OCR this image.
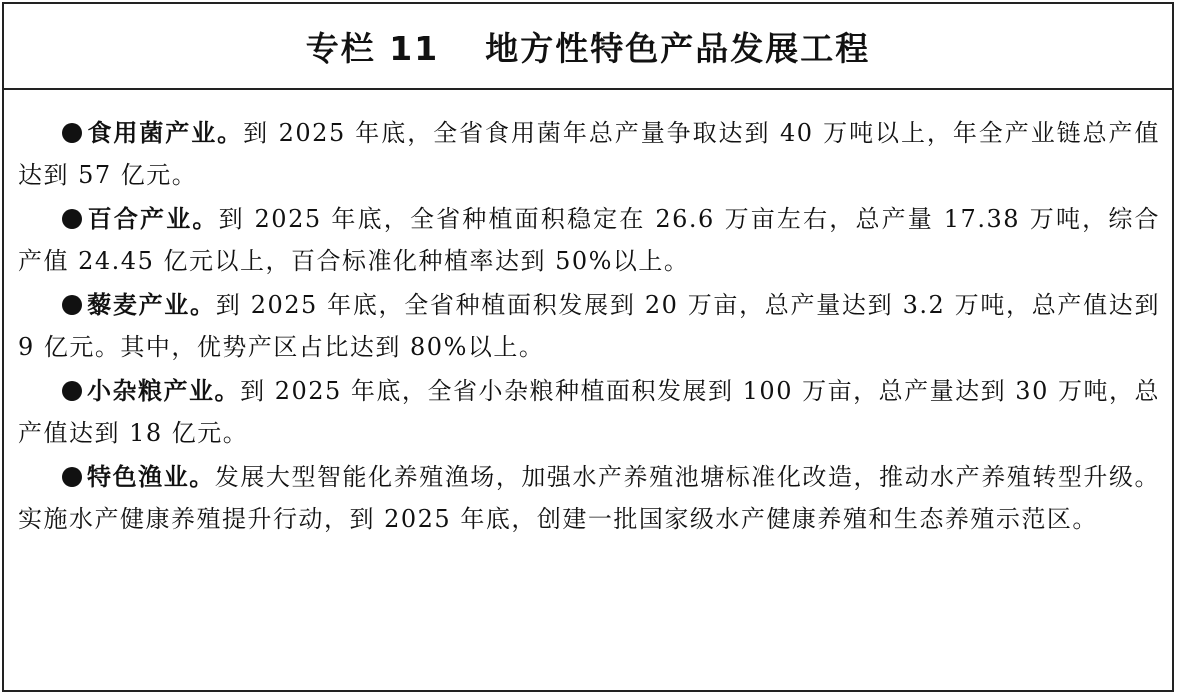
专栏 11 地方性特色产品发展工程

食用菌产业。到 2025 年底，全省食用菌年总产量争取达到 40 万吨以上，年全产业链总产值达到 57 亿元。

百合产业。到 2025 年底，全省种植面积稳定在 26.6 万亩左右，总产量 17.38 万吨，综合产值 24.45 亿元以上，百合标准化种植率达到 50%以上。

藜麦产业。到 2025 年底，全省种植面积发展到 20 万亩，总产量达到 3.2 万吨，总产值达到 9 亿元。其中，优势产区占比达到 80%以上。

小杂粮产业。到 2025 年底，全省小杂粮种植面积发展到 100 万亩，总产量达到 30 万吨，总产值达到 18 亿元。

特色渔业。发展大型智能化养殖渔场，加强水产养殖池塘标准化改造，推动水产养殖转型升级。实施水产健康养殖提升行动，到 2025 年底，创建一批国家级水产健康养殖和生态养殖示范区。
